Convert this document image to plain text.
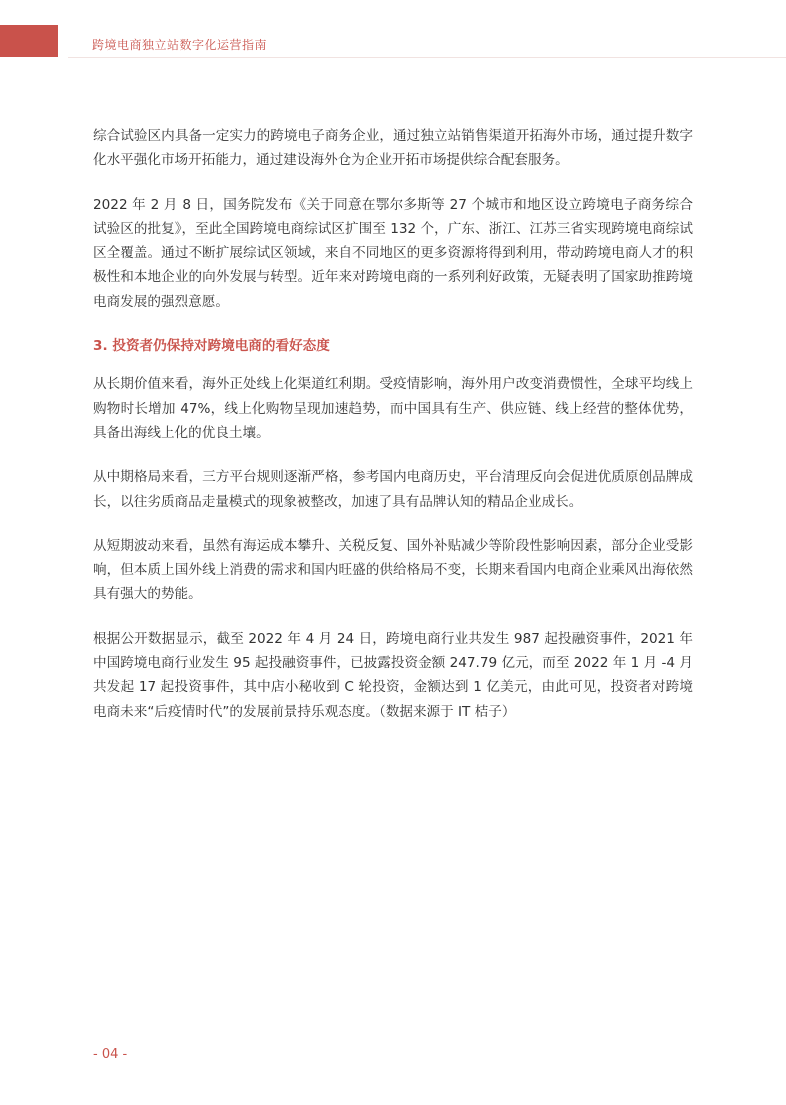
跨境电商独立站数字化运营指南

综合试验区内具备一定实力的跨境电子商务企业，通过独立站销售渠道开拓海外市场，通过提升数字化水平强化市场开拓能力，通过建设海外仓为企业开拓市场提供综合配套服务。

2022 年 2 月 8 日，国务院发布《关于同意在鄂尔多斯等 27 个城市和地区设立跨境电子商务综合试验区的批复》，至此全国跨境电商综试区扩围至 132 个，广东、浙江、江苏三省实现跨境电商综试区全覆盖。通过不断扩展综试区领域，来自不同地区的更多资源将得到利用，带动跨境电商人才的积极性和本地企业的向外发展与转型。近年来对跨境电商的一系列利好政策，无疑表明了国家助推跨境电商发展的强烈意愿。

3. 投资者仍保持对跨境电商的看好态度

从长期价值来看，海外正处线上化渠道红利期。受疫情影响，海外用户改变消费惯性，全球平均线上购物时长增加 47%，线上化购物呈现加速趋势，而中国具有生产、供应链、线上经营的整体优势，具备出海线上化的优良土壤。

从中期格局来看，三方平台规则逐渐严格，参考国内电商历史，平台清理反向会促进优质原创品牌成长，以往劣质商品走量模式的现象被整改，加速了具有品牌认知的精品企业成长。

从短期波动来看，虽然有海运成本攀升、关税反复、国外补贴减少等阶段性影响因素，部分企业受影响，但本质上国外线上消费的需求和国内旺盛的供给格局不变，长期来看国内电商企业乘风出海依然具有强大的势能。

根据公开数据显示，截至 2022 年 4 月 24 日，跨境电商行业共发生 987 起投融资事件，2021 年中国跨境电商行业发生 95 起投融资事件，已披露投资金额 247.79 亿元，而至 2022 年 1 月 -4 月共发起 17 起投资事件，其中店小秘收到 C 轮投资，金额达到 1 亿美元，由此可见，投资者对跨境电商未来“后疫情时代”的发展前景持乐观态度。（数据来源于 IT 桔子）

- 04 -
